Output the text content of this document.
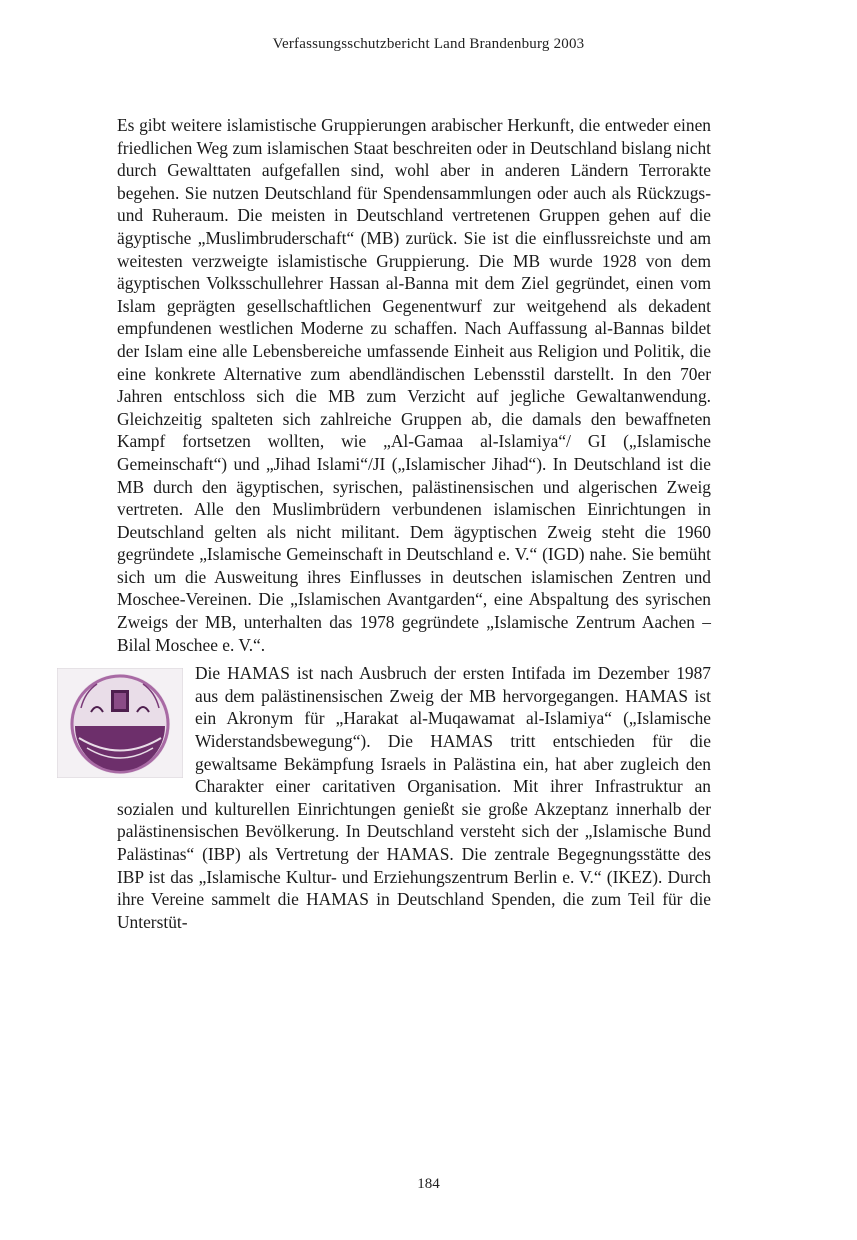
Verfassungsschutzbericht Land Brandenburg 2003

Es gibt weitere islamistische Gruppierungen arabischer Herkunft, die entweder einen friedlichen Weg zum islamischen Staat beschreiten oder in Deutschland bislang nicht durch Gewalttaten aufgefallen sind, wohl aber in anderen Ländern Terrorakte begehen. Sie nutzen Deutschland für Spendensammlungen oder auch als Rückzugs- und Ruheraum. Die meisten in Deutschland vertretenen Gruppen gehen auf die ägyptische „Muslimbruderschaft“ (MB) zurück. Sie ist die einflussreichste und am weitesten verzweigte islamistische Gruppierung. Die MB wurde 1928 von dem ägyptischen Volksschullehrer Hassan al-Banna mit dem Ziel gegründet, einen vom Islam geprägten gesellschaftlichen Gegenentwurf zur weitgehend als dekadent empfundenen westlichen Moderne zu schaffen. Nach Auffassung al-Bannas bildet der Islam eine alle Lebensbereiche umfassende Einheit aus Religion und Politik, die eine konkrete Alternative zum abendländischen Lebensstil darstellt. In den 70er Jahren entschloss sich die MB zum Verzicht auf jegliche Gewaltanwendung. Gleichzeitig spalteten sich zahlreiche Gruppen ab, die damals den bewaffneten Kampf fortsetzen wollten, wie „Al-Gamaa al-Islamiya“/ GI („Islamische Gemeinschaft“) und „Jihad Islami“/JI („Islamischer Jihad“). In Deutschland ist die MB durch den ägyptischen, syrischen, palästinensischen und algerischen Zweig vertreten. Alle den Muslimbrüdern verbundenen islamischen Einrichtungen in Deutschland gelten als nicht militant. Dem ägyptischen Zweig steht die 1960 gegründete „Islamische Gemeinschaft in Deutschland e. V.“ (IGD) nahe. Sie bemüht sich um die Ausweitung ihres Einflusses in deutschen islamischen Zentren und Moschee-Vereinen. Die „Islamischen Avantgarden“, eine Abspaltung des syrischen Zweigs der MB, unterhalten das 1978 gegründete „Islamische Zentrum Aachen – Bilal Moschee e. V.“.

Die HAMAS ist nach Ausbruch der ersten Intifada im Dezember 1987 aus dem palästinensischen Zweig der MB hervorgegangen. HAMAS ist ein Akronym für „Harakat al-Muqawamat al-Islamiya“ („Islamische Widerstandsbewegung“). Die HAMAS tritt entschieden für die gewaltsame Bekämpfung Israels in Palästina ein, hat aber zugleich den Charakter einer caritativen Organisation. Mit ihrer Infrastruktur an sozialen und kulturellen Einrichtungen genießt sie große Akzeptanz innerhalb der palästinensischen Bevölkerung. In Deutschland versteht sich der „Islamische Bund Palästinas“ (IBP) als Vertretung der HAMAS. Die zentrale Begegnungsstätte des IBP ist das „Islamische Kultur- und Erziehungszentrum Berlin e. V.“ (IKEZ). Durch ihre Vereine sammelt die HAMAS in Deutschland Spenden, die zum Teil für die Unterstüt-

184
